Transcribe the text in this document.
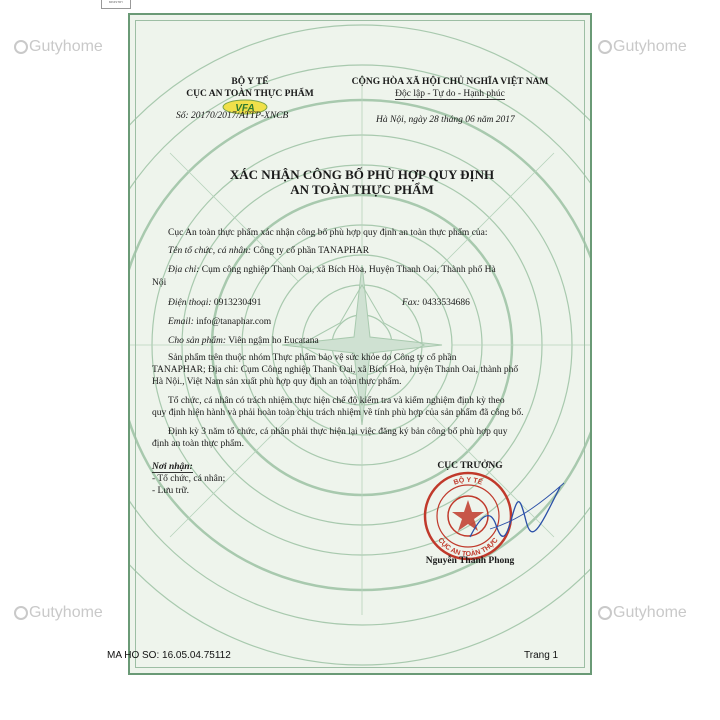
MINISTRY
Gutyhome
Gutyhome
Gutyhome
Gutyhome
BỘ Y TẾ
CỤC AN TOÀN THỰC PHẨM
VFA
Số: 20170/2017/ATTP-XNCB
CỘNG HÒA XÃ HỘI CHỦ NGHĨA VIỆT NAM
Độc lập - Tự do - Hạnh phúc
Hà Nội, ngày 28 tháng 06 năm 2017
XÁC NHẬN CÔNG BỐ PHÙ HỢP QUY ĐỊNH
AN TOÀN THỰC PHẨM
Cục An toàn thực phẩm xác nhận công bố phù hợp quy định an toàn thực phẩm của:
Tên tổ chức, cá nhân: Công ty cổ phần TANAPHAR
Địa chỉ: Cụm công nghiệp Thanh Oai, xã Bích Hòa, Huyện Thanh Oai, Thành phố Hà
Nội
Điện thoại: 0913230491	Fax: 0433534686
Email: info@tanaphar.com
Cho sản phẩm: Viên ngậm ho Eucatana
Sản phẩm trên thuộc nhóm Thực phẩm bảo vệ sức khỏe do Công ty cổ phần
TANAPHAR; Địa chỉ: Cụm Công nghiệp Thanh Oai, xã Bích Hoà, huyện Thanh Oai, thành phố
Hà Nội., Việt Nam sản xuất phù hợp quy định an toàn thực phẩm.
Tổ chức, cá nhân có trách nhiệm thực hiện chế độ kiểm tra và kiểm nghiệm định kỳ theo
quy định hiện hành và phải hoàn toàn chịu trách nhiệm về tính phù hợp của sản phẩm đã công bố.
Định kỳ 3 năm tổ chức, cá nhân phải thực hiện lại việc đăng ký bản công bố phù hợp quy
định an toàn thực phẩm.
Nơi nhận:
- Tổ chức, cá nhân;
- Lưu trữ.
CỤC TRƯỞNG
BỘ Y TẾ
CỤC AN TOÀN THỰC
Nguyễn Thanh Phong
MA HO SO: 16.05.04.75112	Trang 1
